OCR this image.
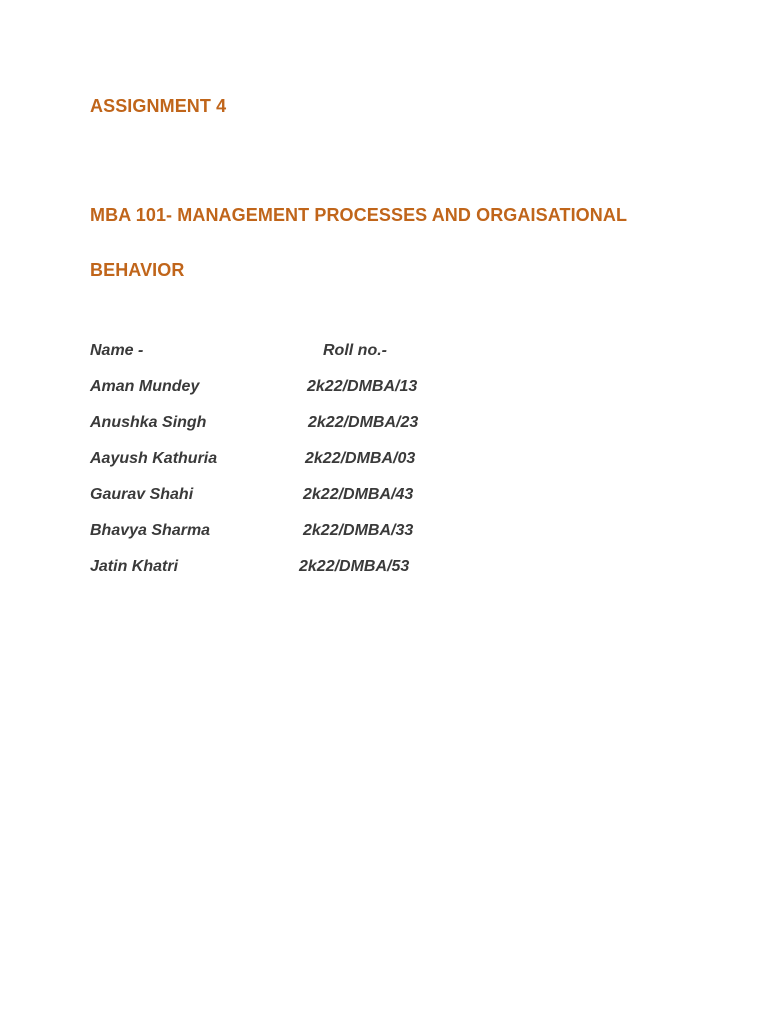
ASSIGNMENT 4
MBA 101- MANAGEMENT PROCESSES AND ORGAISATIONAL
BEHAVIOR
Name -	Roll no.-
Aman Mundey	2k22/DMBA/13
Anushka Singh	2k22/DMBA/23
Aayush Kathuria	2k22/DMBA/03
Gaurav Shahi	2k22/DMBA/43
Bhavya Sharma	2k22/DMBA/33
Jatin Khatri	2k22/DMBA/53
